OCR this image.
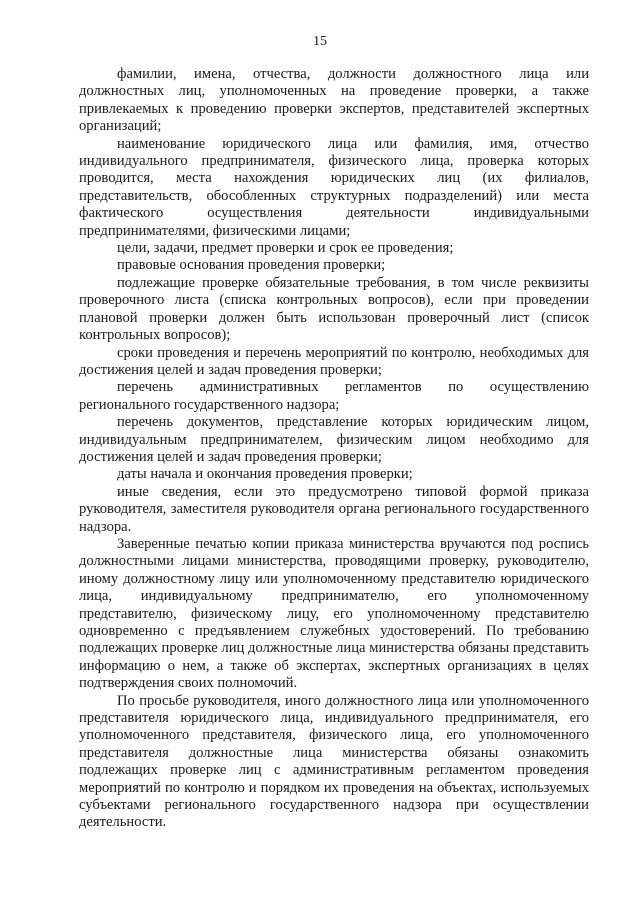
15

фамилии, имена, отчества, должности должностного лица или должностных лиц, уполномоченных на проведение проверки, а также привлекаемых к проведению проверки экспертов, представителей экспертных организаций;

наименование юридического лица или фамилия, имя, отчество индивидуального предпринимателя, физического лица, проверка которых проводится, места нахождения юридических лиц (их филиалов, представительств, обособленных структурных подразделений) или места фактического осуществления деятельности индивидуальными предпринимателями, физическими лицами;

цели, задачи, предмет проверки и срок ее проведения;

правовые основания проведения проверки;

подлежащие проверке обязательные требования, в том числе реквизиты проверочного листа (списка контрольных вопросов), если при проведении плановой проверки должен быть использован проверочный лист (список контрольных вопросов);

сроки проведения и перечень мероприятий по контролю, необходимых для достижения целей и задач проведения проверки;

перечень административных регламентов по осуществлению регионального государственного надзора;

перечень документов, представление которых юридическим лицом, индивидуальным предпринимателем, физическим лицом необходимо для достижения целей и задач проведения проверки;

даты начала и окончания проведения проверки;

иные сведения, если это предусмотрено типовой формой приказа руководителя, заместителя руководителя органа регионального государственного надзора.

Заверенные печатью копии приказа министерства вручаются под роспись должностными лицами министерства, проводящими проверку, руководителю, иному должностному лицу или уполномоченному представителю юридического лица, индивидуальному предпринимателю, его уполномоченному представителю, физическому лицу, его уполномоченному представителю одновременно с предъявлением служебных удостоверений. По требованию подлежащих проверке лиц должностные лица министерства обязаны представить информацию о нем, а также об экспертах, экспертных организациях в целях подтверждения своих полномочий.

По просьбе руководителя, иного должностного лица или уполномоченного представителя юридического лица, индивидуального предпринимателя, его уполномоченного представителя, физического лица, его уполномоченного представителя должностные лица министерства обязаны ознакомить подлежащих проверке лиц с административным регламентом проведения мероприятий по контролю и порядком их проведения на объектах, используемых субъектами регионального государственного надзора при осуществлении деятельности.
